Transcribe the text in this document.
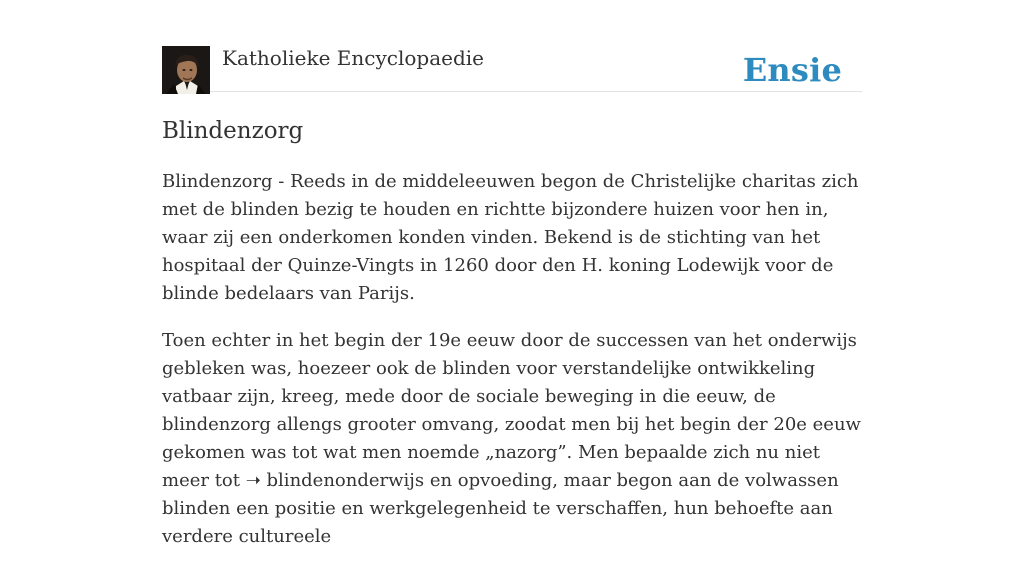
Katholieke Encyclopaedie	Ensie
Blindenzorg

Blindenzorg - Reeds in de middeleeuwen begon de Christelijke charitas zich met de blinden bezig te houden en richtte bijzondere huizen voor hen in, waar zij een onderkomen konden vinden. Bekend is de stichting van het hospitaal der Quinze-Vingts in 1260 door den H. koning Lodewijk voor de blinde bedelaars van Parijs.

Toen echter in het begin der 19e eeuw door de successen van het onderwijs gebleken was, hoezeer ook de blinden voor verstandelijke ontwikkeling vatbaar zijn, kreeg, mede door de sociale beweging in die eeuw, de blindenzorg allengs grooter omvang, zoodat men bij het begin der 20e eeuw gekomen was tot wat men noemde „nazorg”. Men bepaalde zich nu niet meer tot ➝ blindenonderwijs en opvoeding, maar begon aan de volwassen blinden een positie en werkgelegenheid te verschaffen, hun behoefte aan verdere cultureele
